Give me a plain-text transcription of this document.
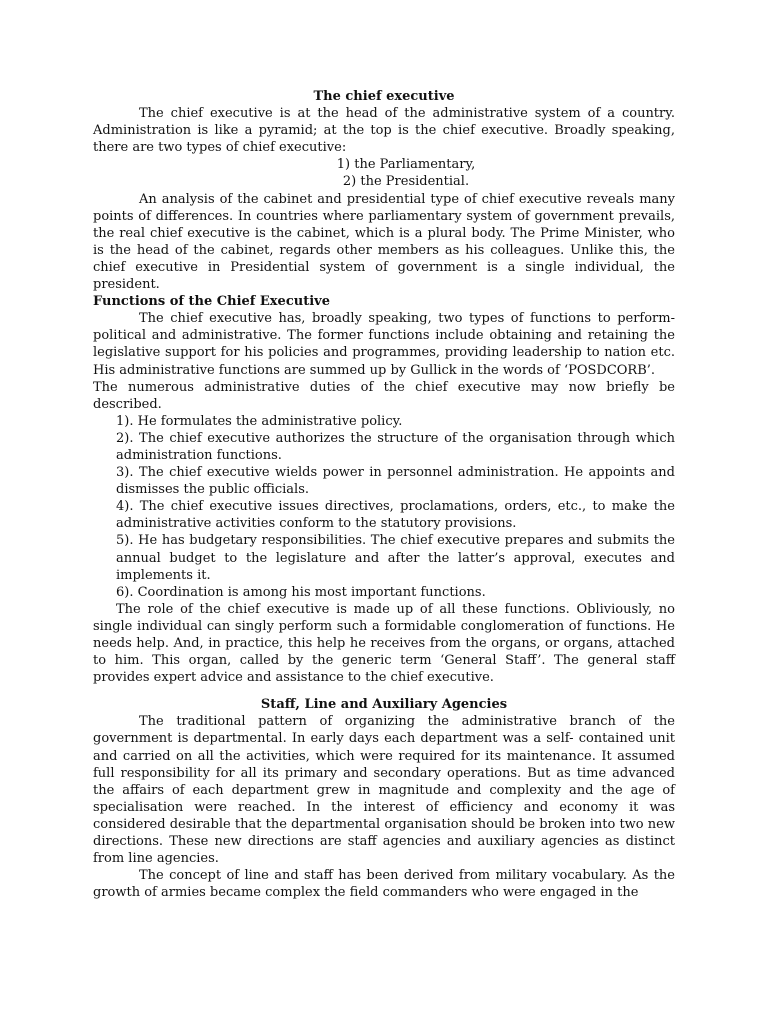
The chief executive

The chief executive is at the head of the administrative system of a country. Administration is like a pyramid; at the top is the chief executive. Broadly speaking, there are two types of chief executive:

1) the Parliamentary,
2) the Presidential.

An analysis of the cabinet and presidential type of chief executive reveals many points of differences. In countries where parliamentary system of government prevails, the real chief executive is the cabinet, which is a plural body. The Prime Minister, who is the head of the cabinet, regards other members as his colleagues. Unlike this, the chief executive in Presidential system of government is a single individual, the president.

Functions of the Chief Executive

The chief executive has, broadly speaking, two types of functions to perform- political and administrative. The former functions include obtaining and retaining the legislative support for his policies and programmes, providing leadership to nation etc. His administrative functions are summed up by Gullick in the words of ‘POSDCORB’.

The numerous administrative duties of the chief executive may now briefly be described.

1). He formulates the administrative policy.
2). The chief executive authorizes the structure of the organisation through which administration functions.
3). The chief executive wields power in personnel administration. He appoints and dismisses the public officials.
4). The chief executive issues directives, proclamations, orders, etc., to make the administrative activities conform to the statutory provisions.
5). He has budgetary responsibilities. The chief executive prepares and submits the annual budget to the legislature and after the latter’s approval, executes and implements it.
6). Coordination is among his most important functions.

The role of the chief executive is made up of all these functions. Obliviously, no single individual can singly perform such a formidable conglomeration of functions. He needs help. And, in practice, this help he receives from the organs, or organs, attached to him. This organ, called by the generic term ‘General Staff’. The general staff provides expert advice and assistance to the chief executive.

Staff, Line and Auxiliary Agencies

The traditional pattern of organizing the administrative branch of the government is departmental. In early days each department was a self- contained unit and carried on all the activities, which were required for its maintenance. It assumed full responsibility for all its primary and secondary operations. But as time advanced the affairs of each department grew in magnitude and complexity and the age of specialisation were reached. In the interest of efficiency and economy it was considered desirable that the departmental organisation should be broken into two new directions. These new directions are staff agencies and auxiliary agencies as distinct from line agencies.

The concept of line and staff has been derived from military vocabulary. As the growth of armies became complex the field commanders who were engaged in the
